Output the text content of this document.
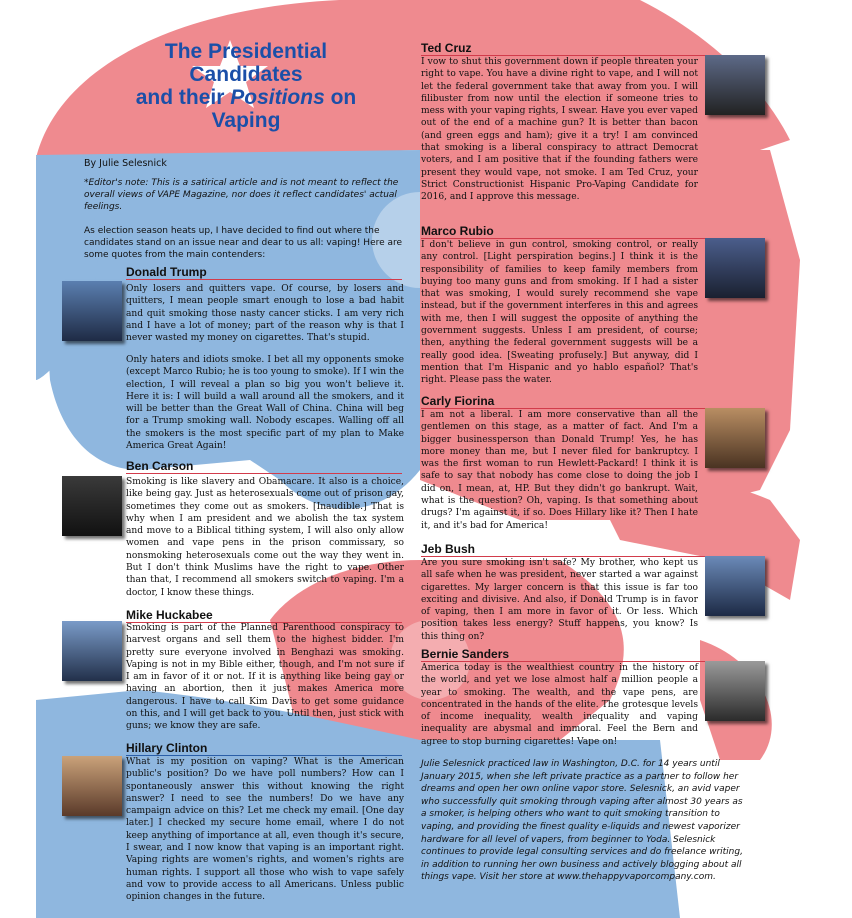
The Presidential
Candidates
and their Positions on
Vaping
By Julie Selesnick
*Editor's note: This is a satirical article and is not meant to reflect the overall views of VAPE Magazine, nor does it reflect candidates' actual feelings.
As election season heats up, I have decided to find out where the candidates stand on an issue near and dear to us all: vaping! Here are some quotes from the main contenders:
Donald Trump
Only losers and quitters vape. Of course, by losers and quitters, I mean people smart enough to lose a bad habit and quit smoking those nasty cancer sticks. I am very rich and I have a lot of money; part of the reason why is that I never wasted my money on cigarettes. That's stupid.
Only haters and idiots smoke. I bet all my opponents smoke (except Marco Rubio; he is too young to smoke). If I win the election, I will reveal a plan so big you won't believe it. Here it is: I will build a wall around all the smokers, and it will be better than the Great Wall of China. China will beg for a Trump smoking wall. Nobody escapes. Walling off all the smokers is the most specific part of my plan to Make America Great Again!
Ben Carson
Smoking is like slavery and Obamacare. It also is a choice, like being gay. Just as heterosexuals come out of prison gay, sometimes they come out as smokers. [Inaudible.] That is why when I am president and we abolish the tax system and move to a Biblical tithing system, I will also only allow women and vape pens in the prison commissary, so nonsmoking heterosexuals come out the way they went in. But I don't think Muslims have the right to vape. Other than that, I recommend all smokers switch to vaping. I'm a doctor, I know these things.
Mike Huckabee
Smoking is part of the Planned Parenthood conspiracy to harvest organs and sell them to the highest bidder. I'm pretty sure everyone involved in Benghazi was smoking. Vaping is not in my Bible either, though, and I'm not sure if I am in favor of it or not. If it is anything like being gay or having an abortion, then it just makes America more dangerous. I have to call Kim Davis to get some guidance on this, and I will get back to you. Until then, just stick with guns; we know they are safe.
Hillary Clinton
What is my position on vaping? What is the American public's position? Do we have poll numbers? How can I spontaneously answer this without knowing the right answer? I need to see the numbers! Do we have any campaign advice on this? Let me check my email. [One day later.] I checked my secure home email, where I do not keep anything of importance at all, even though it's secure, I swear, and I now know that vaping is an important right. Vaping rights are women's rights, and women's rights are human rights. I support all those who wish to vape safely and vow to provide access to all Americans. Unless public opinion changes in the future.
Ted Cruz
I vow to shut this government down if people threaten your right to vape. You have a divine right to vape, and I will not let the federal government take that away from you. I will filibuster from now until the election if someone tries to mess with your vaping rights, I swear. Have you ever vaped out of the end of a machine gun? It is better than bacon (and green eggs and ham); give it a try! I am convinced that smoking is a liberal conspiracy to attract Democrat voters, and I am positive that if the founding fathers were present they would vape, not smoke. I am Ted Cruz, your Strict Constructionist Hispanic Pro-Vaping Candidate for 2016, and I approve this message.
Marco Rubio
I don't believe in gun control, smoking control, or really any control. [Light perspiration begins.] I think it is the responsibility of families to keep family members from buying too many guns and from smoking. If I had a sister that was smoking, I would surely recommend she vape instead, but if the government interferes in this and agrees with me, then I will suggest the opposite of anything the government suggests. Unless I am president, of course; then, anything the federal government suggests will be a really good idea. [Sweating profusely.] But anyway, did I mention that I'm Hispanic and yo hablo español? That's right. Please pass the water.
Carly Fiorina
I am not a liberal. I am more conservative than all the gentlemen on this stage, as a matter of fact. And I'm a bigger businessperson than Donald Trump! Yes, he has more money than me, but I never filed for bankruptcy. I was the first woman to run Hewlett-Packard! I think it is safe to say that nobody has come close to doing the job I did on, I mean, at, HP. But they didn't go bankrupt. Wait, what is the question? Oh, vaping. Is that something about drugs? I'm against it, if so. Does Hillary like it? Then I hate it, and it's bad for America!
Jeb Bush
Are you sure smoking isn't safe? My brother, who kept us all safe when he was president, never started a war against cigarettes. My larger concern is that this issue is far too exciting and divisive. And also, if Donald Trump is in favor of vaping, then I am more in favor of it. Or less. Which position takes less energy? Stuff happens, you know? Is this thing on?
Bernie Sanders
America today is the wealthiest country in the history of the world, and yet we lose almost half a million people a year to smoking. The wealth, and the vape pens, are concentrated in the hands of the elite. The grotesque levels of income inequality, wealth inequality and vaping inequality are abysmal and immoral. Feel the Bern and agree to stop burning cigarettes! Vape on!
Julie Selesnick practiced law in Washington, D.C. for 14 years until January 2015, when she left private practice as a partner to follow her dreams and open her own online vapor store. Selesnick, an avid vaper who successfully quit smoking through vaping after almost 30 years as a smoker, is helping others who want to quit smoking transition to vaping, and providing the finest quality e-liquids and newest vaporizer hardware for all level of vapers, from beginner to Yoda. Selesnick continues to provide legal consulting services and do freelance writing, in addition to running her own business and actively blogging about all things vape. Visit her store at www.thehappyvaporcompany.com.
